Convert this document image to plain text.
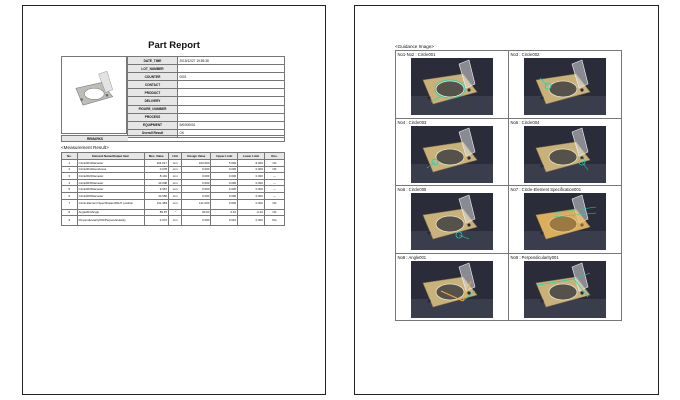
Part Report
DATE_TIME	2015/12/27 19:55:38
LOT_NUMBER	
COUNTER	0001
CONTACT	
PRODUCT	
DELIVERY	
FIGURE_NUMBER	
PROCESS	
EQUIPMENT	IM0000001
Overall Result	OK
REMARKS
<Measurement Result>
No.	Element Name/Output Item	Mes. Value	Unit	Design Value	Upper Limit	Lower Limit	Res.
1	Circle001/Diameter	104.017	mm	100.000	5.000	-5.000	OK
2	Circle001/Roundness	0.078	mm	0.000	0.000	0.000	OK
3	Circle002/Diameter	8.191	mm	0.000	0.000	0.000	---
4	Circle003/Diameter	10.008	mm	0.000	0.000	0.000	---
5	Circle004/Diameter	9.367	mm	0.000	0.000	0.000	---
6	Circle005/Diameter	10.650	mm	0.000	0.000	0.000	---
7	Circle-Element Specification001/X position	141.483	mm	141.000	0.000	0.000	OK
8	Angle001/Angle	89.87	°	90.00	0.10	-0.10	OK
9	Perpendicularity001/Perpendicularity	0.072	mm	0.000	0.010	0.000	NG
<Guidance Image>
No1-No2 : Circle001	No3 : Circle002

No4 : Circle003	No5 : Circle004

No6 : Circle005	No7 : Circle-Element Specification001

No8 : Angle001	No9 : Perpendicularity001
